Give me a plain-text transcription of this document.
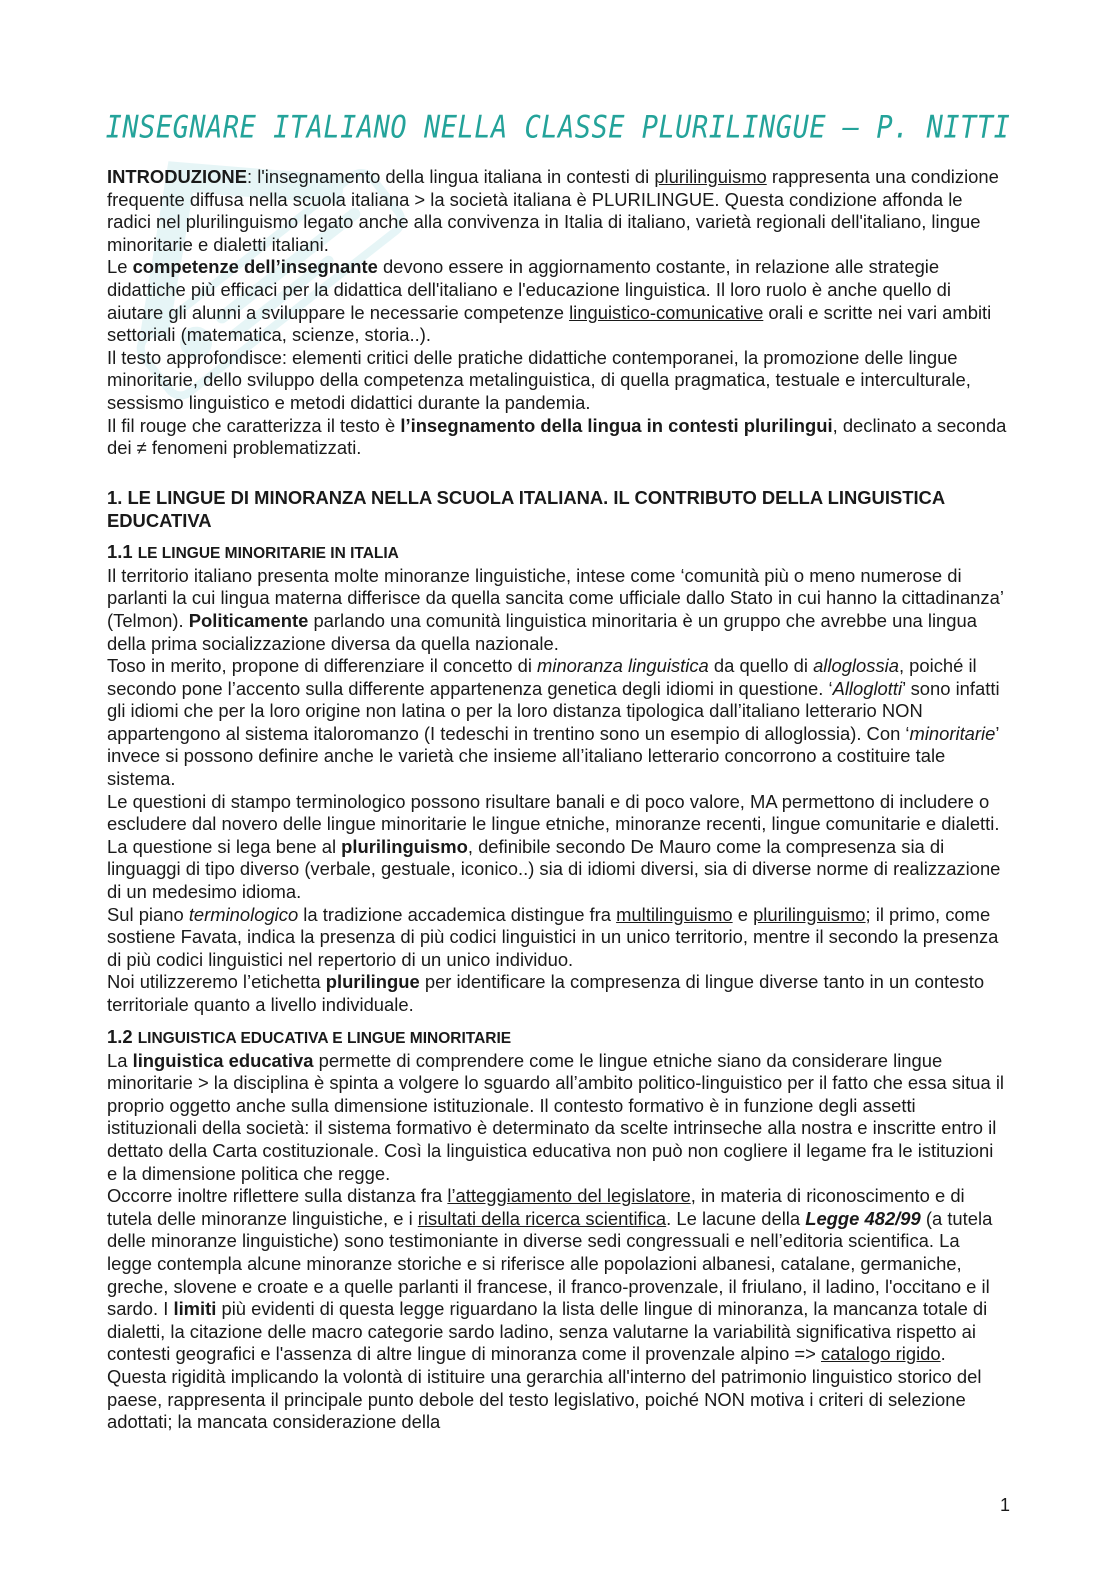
INSEGNARE ITALIANO NELLA CLASSE PLURILINGUE – P. NITTI

INTRODUZIONE: l'insegnamento della lingua italiana in contesti di plurilinguismo rappresenta una condizione frequente diffusa nella scuola italiana > la società italiana è PLURILINGUE. Questa condizione affonda le radici nel plurilinguismo legato anche alla convivenza in Italia di italiano, varietà regionali dell'italiano, lingue minoritarie e dialetti italiani.

Le competenze dell’insegnante devono essere in aggiornamento costante, in relazione alle strategie didattiche più efficaci per la didattica dell'italiano e l'educazione linguistica. Il loro ruolo è anche quello di aiutare gli alunni a sviluppare le necessarie competenze linguistico-comunicative orali e scritte nei vari ambiti settoriali (matematica, scienze, storia..).

Il testo approfondisce: elementi critici delle pratiche didattiche contemporanei, la promozione delle lingue minoritarie, dello sviluppo della competenza metalinguistica, di quella pragmatica, testuale e interculturale, sessismo linguistico e metodi didattici durante la pandemia.

Il fil rouge che caratterizza il testo è l’insegnamento della lingua in contesti plurilingui, declinato a seconda dei ≠ fenomeni problematizzati.

1. LE LINGUE DI MINORANZA NELLA SCUOLA ITALIANA. IL CONTRIBUTO DELLA LINGUISTICA EDUCATIVA

1.1 LE LINGUE MINORITARIE IN ITALIA

Il territorio italiano presenta molte minoranze linguistiche, intese come ‘comunità più o meno numerose di parlanti la cui lingua materna differisce da quella sancita come ufficiale dallo Stato in cui hanno la cittadinanza’ (Telmon). Politicamente parlando una comunità linguistica minoritaria è un gruppo che avrebbe una lingua della prima socializzazione diversa da quella nazionale.

Toso in merito, propone di differenziare il concetto di minoranza linguistica da quello di alloglossia, poiché il secondo pone l’accento sulla differente appartenenza genetica degli idiomi in questione. ‘Alloglotti’ sono infatti gli idiomi che per la loro origine non latina o per la loro distanza tipologica dall’italiano letterario NON appartengono al sistema italoromanzo (I tedeschi in trentino sono un esempio di alloglossia). Con ‘minoritarie’ invece si possono definire anche le varietà che insieme all’italiano letterario concorrono a costituire tale sistema.

Le questioni di stampo terminologico possono risultare banali e di poco valore, MA permettono di includere o escludere dal novero delle lingue minoritarie le lingue etniche, minoranze recenti, lingue comunitarie e dialetti. La questione si lega bene al plurilinguismo, definibile secondo De Mauro come la compresenza sia di linguaggi di tipo diverso (verbale, gestuale, iconico..) sia di idiomi diversi, sia di diverse norme di realizzazione di un medesimo idioma.

Sul piano terminologico la tradizione accademica distingue fra multilinguismo e plurilinguismo; il primo, come sostiene Favata, indica la presenza di più codici linguistici in un unico territorio, mentre il secondo la presenza di più codici linguistici nel repertorio di un unico individuo.

Noi utilizzeremo l’etichetta plurilingue per identificare la compresenza di lingue diverse tanto in un contesto territoriale quanto a livello individuale.

1.2 LINGUISTICA EDUCATIVA E LINGUE MINORITARIE

La linguistica educativa permette di comprendere come le lingue etniche siano da considerare lingue minoritarie > la disciplina è spinta a volgere lo sguardo all’ambito politico-linguistico per il fatto che essa situa il proprio oggetto anche sulla dimensione istituzionale. Il contesto formativo è in funzione degli assetti istituzionali della società: il sistema formativo è determinato da scelte intrinseche alla nostra e inscritte entro il dettato della Carta costituzionale. Così la linguistica educativa non può non cogliere il legame fra le istituzioni e la dimensione politica che regge.

Occorre inoltre riflettere sulla distanza fra l’atteggiamento del legislatore, in materia di riconoscimento e di tutela delle minoranze linguistiche, e i risultati della ricerca scientifica. Le lacune della Legge 482/99 (a tutela delle minoranze linguistiche) sono testimoniante in diverse sedi congressuali e nell’editoria scientifica. La legge contempla alcune minoranze storiche e si riferisce alle popolazioni albanesi, catalane, germaniche, greche, slovene e croate e a quelle parlanti il francese, il franco-provenzale, il friulano, il ladino, l'occitano e il sardo. I limiti più evidenti di questa legge riguardano la lista delle lingue di minoranza, la mancanza totale di dialetti, la citazione delle macro categorie sardo ladino, senza valutarne la variabilità significativa rispetto ai contesti geografici e l'assenza di altre lingue di minoranza come il provenzale alpino => catalogo rigido. Questa rigidità implicando la volontà di istituire una gerarchia all'interno del patrimonio linguistico storico del paese, rappresenta il principale punto debole del testo legislativo, poiché NON motiva i criteri di selezione adottati; la mancata considerazione della

1
